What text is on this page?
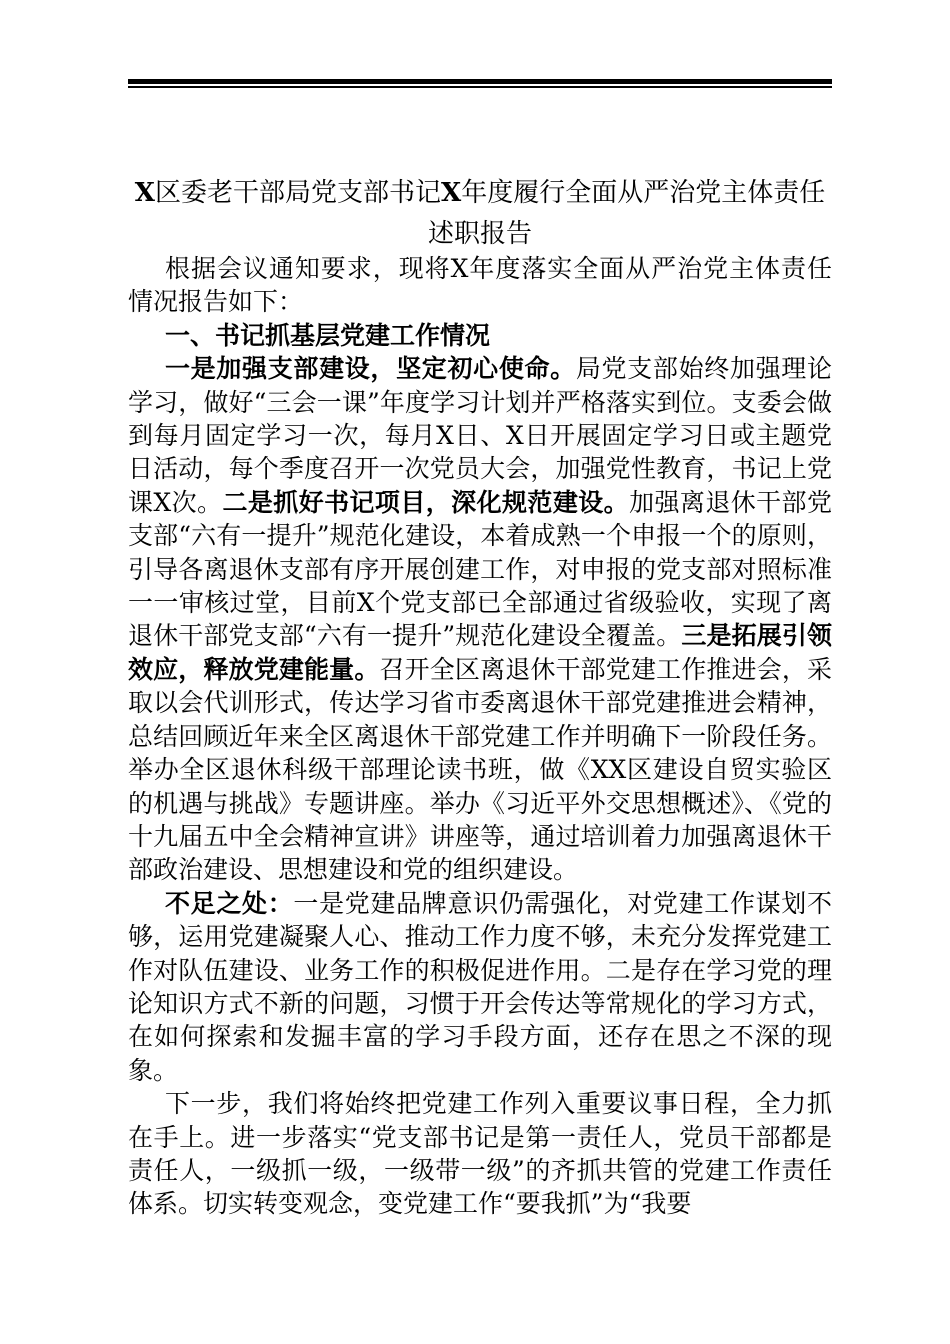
X区委老干部局党支部书记X年度履行全面从严治党主体责任
述职报告

根据会议通知要求，现将X年度落实全面从严治党主体责任情况报告如下：

一、书记抓基层党建工作情况

一是加强支部建设，坚定初心使命。局党支部始终加强理论学习，做好“三会一课”年度学习计划并严格落实到位。支委会做到每月固定学习一次，每月X日、X日开展固定学习日或主题党日活动，每个季度召开一次党员大会，加强党性教育，书记上党课X次。二是抓好书记项目，深化规范建设。加强离退休干部党支部“六有一提升”规范化建设，本着成熟一个申报一个的原则，引导各离退休支部有序开展创建工作，对申报的党支部对照标准一一审核过堂，目前X个党支部已全部通过省级验收，实现了离退休干部党支部“六有一提升”规范化建设全覆盖。三是拓展引领效应，释放党建能量。召开全区离退休干部党建工作推进会，采取以会代训形式，传达学习省市委离退休干部党建推进会精神，总结回顾近年来全区离退休干部党建工作并明确下一阶段任务。举办全区退休科级干部理论读书班，做《XX区建设自贸实验区的机遇与挑战》专题讲座。举办《习近平外交思想概述》、《党的十九届五中全会精神宣讲》讲座等，通过培训着力加强离退休干部政治建设、思想建设和党的组织建设。

不足之处：一是党建品牌意识仍需强化，对党建工作谋划不够，运用党建凝聚人心、推动工作力度不够，未充分发挥党建工作对队伍建设、业务工作的积极促进作用。二是存在学习党的理论知识方式不新的问题，习惯于开会传达等常规化的学习方式，在如何探索和发掘丰富的学习手段方面，还存在思之不深的现象。

下一步，我们将始终把党建工作列入重要议事日程，全力抓在手上。进一步落实“党支部书记是第一责任人，党员干部都是责任人，一级抓一级，一级带一级”的齐抓共管的党建工作责任体系。切实转变观念，变党建工作“要我抓”为“我要
